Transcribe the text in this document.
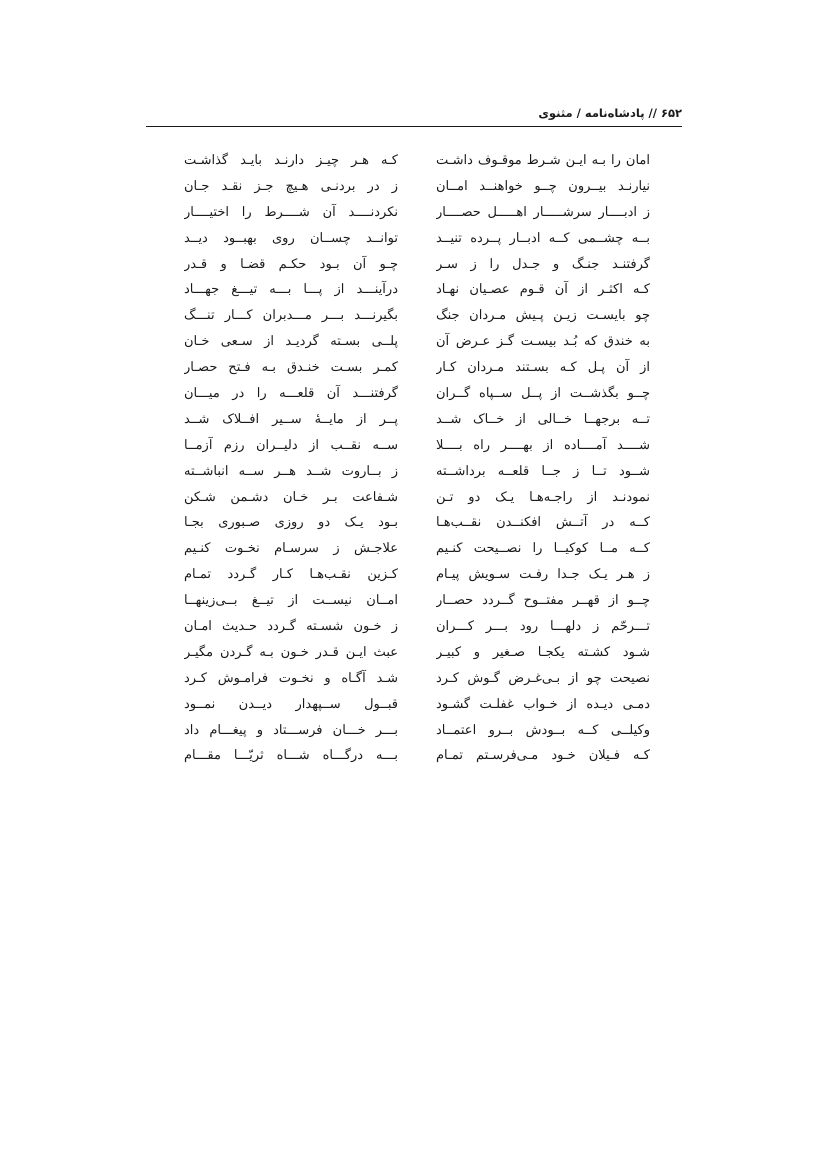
۶۵۲ // پادشاه‌نامه / مثنوی
امان را بـه ایـن شـرط موقـوف داشـت
کـه هـر چیـز دارنـد بایـد گذاشـت
نیارنـد بیــرون چــو خواهنــد امــان
ز در بردنـی هـیچ جـز نقـد جـان
ز ادبــــار سرشـــــار اهـــــل حصــــار
نکردنــــد آن شــــرط را اختیــــار
بــه چشــمی کــه ادبــار پــرده تنیــد
توانــد چســان روی بهبــود دیــد
گرفتنـد جنـگ و جـدل را ز سـر
چـو آن بـود حکـم قضـا و قـدر
کـه اکثـر از آن قـوم عصـیان نهـاد
درآینـــد از پـــا بـــه تیـــغ جهـــاد
چو بایسـت زیـن پـیش مـردان جنگ
بگیرنـــد بـــر مـــدبران کـــار تنـــگ
به خندق که بُـد بیسـت گـز عـرض آن
پلــی بسـته گردیـد از سـعی خـان
از آن پـل کـه بسـتند مـردان کـار
کمـر بسـت خنـدق بـه فـتح حصـار
چــو بگذشــت از پــل ســپاه گــران
گرفتنـــد آن قلعـــه را در میـــان
تــه برجهــا خــالی از خــاک شــد
پــر از مایــۀ ســیر افــلاک شــد
شــــد آمــــاده از بهــــر راه بــــلا
ســه نقــب از دلیــران رزم آزمــا
شــود تــا ز جــا قلعــه برداشــته
ز بــاروت شــد هــر ســه انباشــته
نمودنـد از راجـه‌هـا یـک دو تـن
شـفاعت بـر خـان دشـمن شـکن
کــه در آتــش افکنــدن نقــب‌هـا
بـود یـک دو روزی صـبوری بجـا
کــه مــا کوکیــا را نصــیحت کنـیم
علاجـش ز سرسـام نخـوت کنـیم
ز هـر یـک جـدا رفـت سـویش پیـام
کـزین نقـب‌هـا کـار گـردد تمـام
چــو از قهــر مفتــوح گــردد حصــار
امــان نیســت از تیــغ بــی‌زینهــا
تـــرحّم ز دلهـــا رود بـــر کـــران
ز خـون شسـته گـردد حـدیث امـان
شـود کشـته یکجـا صـغیر و کبیـر
عبث ایـن قـدر خـون بـه گـردن مگیـر
نصیحت چو از بـی‌غـرض گـوش کـرد
شـد آگـاه و نخـوت فرامـوش کـرد
دمـی دیـده از خـواب غفلـت گشـود
قبــول ســپهدار دیــدن نمــود
وکیلــی کــه بــودش بــرو اعتمــاد
بـــر خـــان فرســـتاد و پیغـــام داد
کـه فـیلان خـود مـی‌فرسـتم تمـام
بـــه درگـــاه شـــاه ثریّـــا مقـــام
